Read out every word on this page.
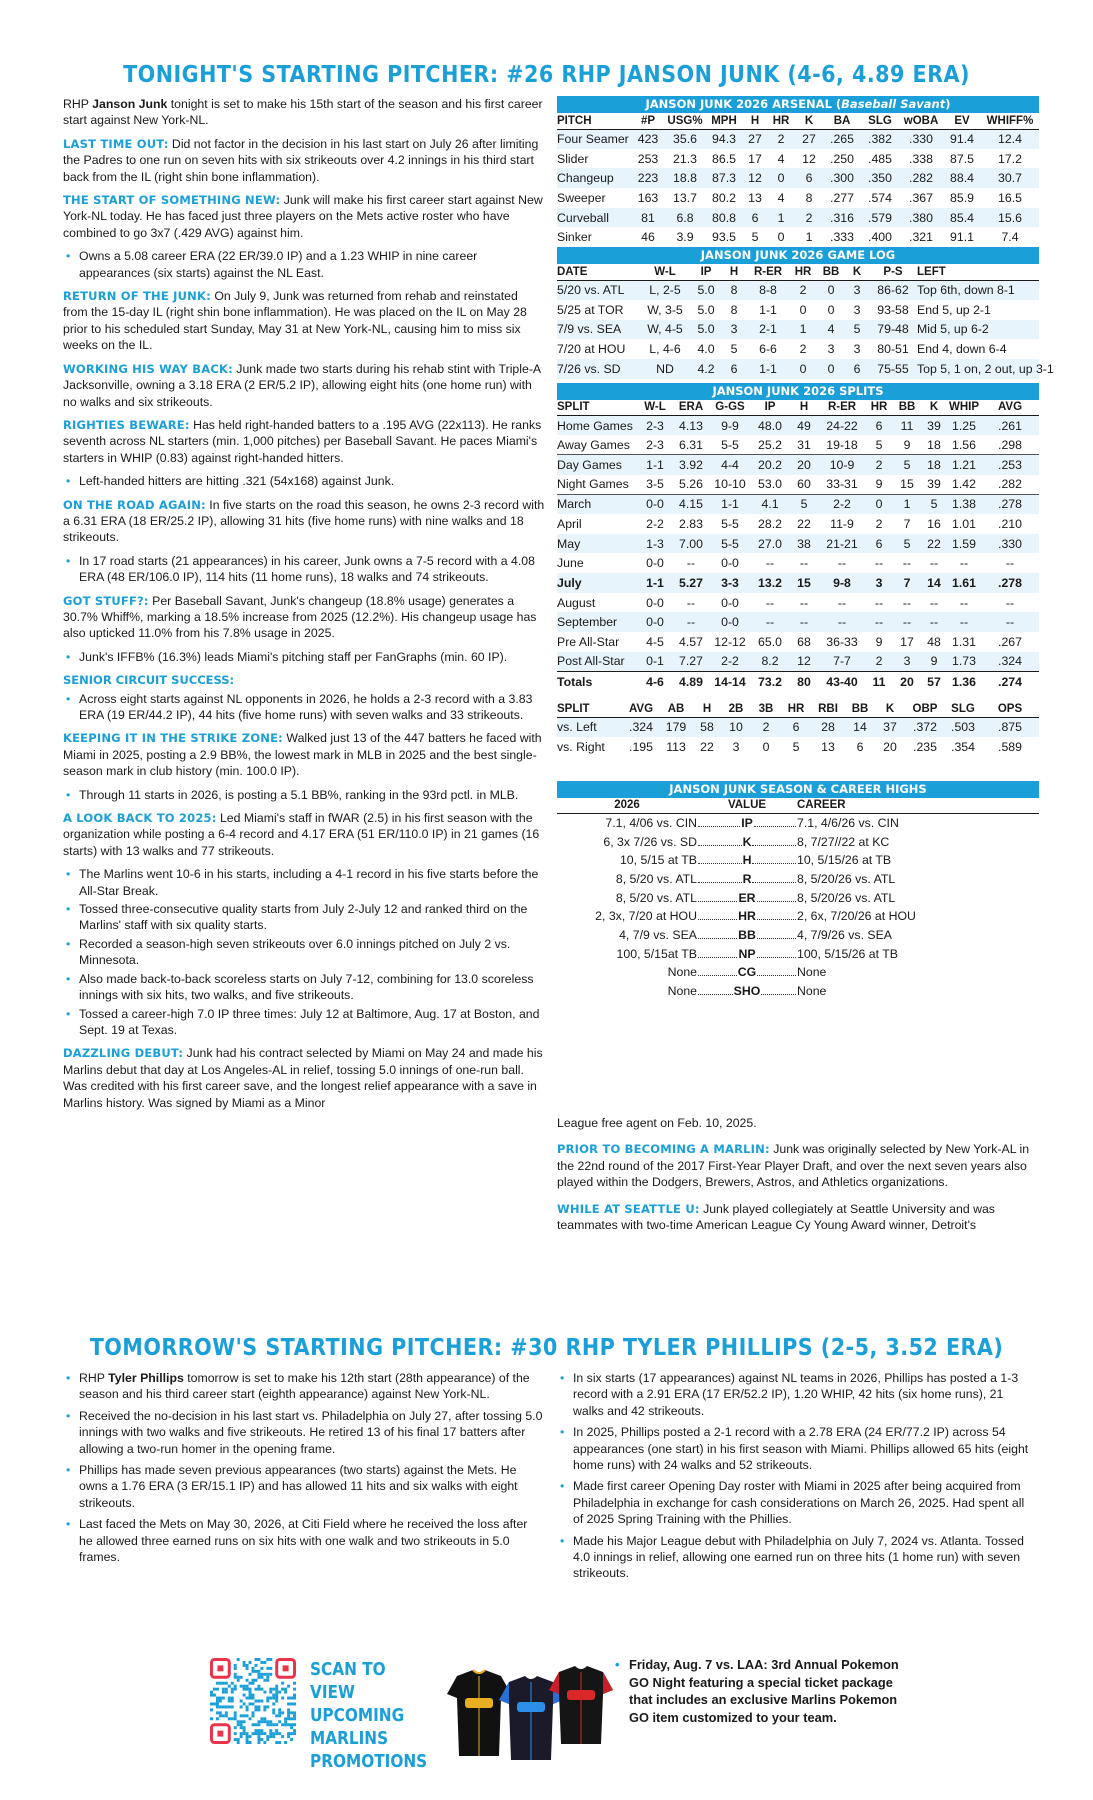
TONIGHT'S STARTING PITCHER: #26 RHP JANSON JUNK (4-6, 4.89 ERA)
RHP Janson Junk tonight is set to make his 15th start of the season and his first career start against New York-NL.
LAST TIME OUT: Did not factor in the decision in his last start on July 26 after limiting the Padres to one run on seven hits with six strikeouts over 4.2 innings in his third start back from the IL (right shin bone inflammation).
THE START OF SOMETHING NEW: Junk will make his first career start against New York-NL today. He has faced just three players on the Mets active roster who have combined to go 3x7 (.429 AVG) against him.
• Owns a 5.08 career ERA (22 ER/39.0 IP) and a 1.23 WHIP in nine career appearances (six starts) against the NL East.
RETURN OF THE JUNK: On July 9, Junk was returned from rehab and reinstated from the 15-day IL (right shin bone inflammation). He was placed on the IL on May 28 prior to his scheduled start Sunday, May 31 at New York-NL, causing him to miss six weeks on the IL.
WORKING HIS WAY BACK: Junk made two starts during his rehab stint with Triple-A Jacksonville, owning a 3.18 ERA (2 ER/5.2 IP), allowing eight hits (one home run) with no walks and six strikeouts.
RIGHTIES BEWARE: Has held right-handed batters to a .195 AVG (22x113). He ranks seventh across NL starters (min. 1,000 pitches) per Baseball Savant. He paces Miami's starters in WHIP (0.83) against right-handed hitters.
• Left-handed hitters are hitting .321 (54x168) against Junk.
ON THE ROAD AGAIN: In five starts on the road this season, he owns 2-3 record with a 6.31 ERA (18 ER/25.2 IP), allowing 31 hits (five home runs) with nine walks and 18 strikeouts.
• In 17 road starts (21 appearances) in his career, Junk owns a 7-5 record with a 4.08 ERA (48 ER/106.0 IP), 114 hits (11 home runs), 18 walks and 74 strikeouts.
GOT STUFF?: Per Baseball Savant, Junk's changeup (18.8% usage) generates a 30.7% Whiff%, marking a 18.5% increase from 2025 (12.2%). His changeup usage has also upticked 11.0% from his 7.8% usage in 2025.
• Junk's IFFB% (16.3%) leads Miami's pitching staff per FanGraphs (min. 60 IP).
SENIOR CIRCUIT SUCCESS:
• Across eight starts against NL opponents in 2026, he holds a 2-3 record with a 3.83 ERA (19 ER/44.2 IP), 44 hits (five home runs) with seven walks and 33 strikeouts.
KEEPING IT IN THE STRIKE ZONE: Walked just 13 of the 447 batters he faced with Miami in 2025, posting a 2.9 BB%, the lowest mark in MLB in 2025 and the best single-season mark in club history (min. 100.0 IP).
• Through 11 starts in 2026, is posting a 5.1 BB%, ranking in the 93rd pctl. in MLB.
A LOOK BACK TO 2025: Led Miami's staff in fWAR (2.5) in his first season with the organization while posting a 6-4 record and 4.17 ERA (51 ER/110.0 IP) in 21 games (16 starts) with 13 walks and 77 strikeouts.
• The Marlins went 10-6 in his starts, including a 4-1 record in his five starts before the All-Star Break.
• Tossed three-consecutive quality starts from July 2-July 12 and ranked third on the Marlins' staff with six quality starts.
• Recorded a season-high seven strikeouts over 6.0 innings pitched on July 2 vs. Minnesota.
• Also made back-to-back scoreless starts on July 7-12, combining for 13.0 scoreless innings with six hits, two walks, and five strikeouts.
• Tossed a career-high 7.0 IP three times: July 12 at Baltimore, Aug. 17 at Boston, and Sept. 19 at Texas.
DAZZLING DEBUT: Junk had his contract selected by Miami on May 24 and made his Marlins debut that day at Los Angeles-AL in relief, tossing 5.0 innings of one-run ball. Was credited with his first career save, and the longest relief appearance with a save in Marlins history. Was signed by Miami as a Minor
JANSON JUNK 2026 ARSENAL (Baseball Savant)
PITCH	#P	USG%	MPH	H	HR	K	BA	SLG	wOBA	EV	WHIFF%
Four Seamer	423	35.6	94.3	27	2	27	.265	.382	.330	91.4	12.4
Slider	253	21.3	86.5	17	4	12	.250	.485	.338	87.5	17.2
Changeup	223	18.8	87.3	12	0	6	.300	.350	.282	88.4	30.7
Sweeper	163	13.7	80.2	13	4	8	.277	.574	.367	85.9	16.5
Curveball	81	6.8	80.8	6	1	2	.316	.579	.380	85.4	15.6
Sinker	46	3.9	93.5	5	0	1	.333	.400	.321	91.1	7.4
JANSON JUNK 2026 GAME LOG
DATE	W-L	IP	H	R-ER	HR	BB	K	P-S	LEFT
5/20 vs. ATL	L, 2-5	5.0	8	8-8	2	0	3	86-62	Top 6th, down 8-1
5/25 at TOR	W, 3-5	5.0	8	1-1	0	0	3	93-58	End 5, up 2-1
7/9 vs. SEA	W, 4-5	5.0	3	2-1	1	4	5	79-48	Mid 5, up 6-2
7/20 at HOU	L, 4-6	4.0	5	6-6	2	3	3	80-51	End 4, down 6-4
7/26 vs. SD	ND	4.2	6	1-1	0	0	6	75-55	Top 5, 1 on, 2 out, up 3-1
JANSON JUNK 2026 SPLITS
SPLIT	W-L	ERA	G-GS	IP	H	R-ER	HR	BB	K	WHIP	AVG
Home Games	2-3	4.13	9-9	48.0	49	24-22	6	11	39	1.25	.261
Away Games	2-3	6.31	5-5	25.2	31	19-18	5	9	18	1.56	.298
Day Games	1-1	3.92	4-4	20.2	20	10-9	2	5	18	1.21	.253
Night Games	3-5	5.26	10-10	53.0	60	33-31	9	15	39	1.42	.282
March	0-0	4.15	1-1	4.1	5	2-2	0	1	5	1.38	.278
April	2-2	2.83	5-5	28.2	22	11-9	2	7	16	1.01	.210
May	1-3	7.00	5-5	27.0	38	21-21	6	5	22	1.59	.330
June	0-0	--	0-0	--	--	--	--	--	--	--	--
July	1-1	5.27	3-3	13.2	15	9-8	3	7	14	1.61	.278
August	0-0	--	0-0	--	--	--	--	--	--	--	--
September	0-0	--	0-0	--	--	--	--	--	--	--	--
Pre All-Star	4-5	4.57	12-12	65.0	68	36-33	9	17	48	1.31	.267
Post All-Star	0-1	7.27	2-2	8.2	12	7-7	2	3	9	1.73	.324
Totals	4-6	4.89	14-14	73.2	80	43-40	11	20	57	1.36	.274
SPLIT	AVG	AB	H	2B	3B	HR	RBI	BB	K	OBP	SLG	OPS
vs. Left	.324	179	58	10	2	6	28	14	37	.372	.503	.875
vs. Right	.195	113	22	3	0	5	13	6	20	.235	.354	.589
JANSON JUNK SEASON & CAREER HIGHS
2026	VALUE	CAREER
7.1, 4/06 vs. CIN	IP	7.1, 4/6/26 vs. CIN
6, 3x 7/26 vs. SD	K	8, 7/27//22 at KC
10, 5/15 at TB	H	10, 5/15/26 at TB
8, 5/20 vs. ATL	R	8, 5/20/26 vs. ATL
8, 5/20 vs. ATL	ER	8, 5/20/26 vs. ATL
2, 3x, 7/20 at HOU	HR	2, 6x, 7/20/26 at HOU
4, 7/9 vs. SEA	BB	4, 7/9/26 vs. SEA
100, 5/15at TB	NP	100, 5/15/26 at TB
None	CG	None
None	SHO	None
League free agent on Feb. 10, 2025.
PRIOR TO BECOMING A MARLIN: Junk was originally selected by New York-AL in the 22nd round of the 2017 First-Year Player Draft, and over the next seven years also played within the Dodgers, Brewers, Astros, and Athletics organizations.
WHILE AT SEATTLE U: Junk played collegiately at Seattle University and was teammates with two-time American League Cy Young Award winner, Detroit's
TOMORROW'S STARTING PITCHER: #30 RHP TYLER PHILLIPS (2-5, 3.52 ERA)
• RHP Tyler Phillips tomorrow is set to make his 12th start (28th appearance) of the season and his third career start (eighth appearance) against New York-NL.
• Received the no-decision in his last start vs. Philadelphia on July 27, after tossing 5.0 innings with two walks and five strikeouts. He retired 13 of his final 17 batters after allowing a two-run homer in the opening frame.
• Phillips has made seven previous appearances (two starts) against the Mets. He owns a 1.76 ERA (3 ER/15.1 IP) and has allowed 11 hits and six walks with eight strikeouts.
• Last faced the Mets on May 30, 2026, at Citi Field where he received the loss after he allowed three earned runs on six hits with one walk and two strikeouts in 5.0 frames.
• In six starts (17 appearances) against NL teams in 2026, Phillips has posted a 1-3 record with a 2.91 ERA (17 ER/52.2 IP), 1.20 WHIP, 42 hits (six home runs), 21 walks and 42 strikeouts.
• In 2025, Phillips posted a 2-1 record with a 2.78 ERA (24 ER/77.2 IP) across 54 appearances (one start) in his first season with Miami. Phillips allowed 65 hits (eight home runs) with 24 walks and 52 strikeouts.
• Made first career Opening Day roster with Miami in 2025 after being acquired from Philadelphia in exchange for cash considerations on March 26, 2025. Had spent all of 2025 Spring Training with the Phillies.
• Made his Major League debut with Philadelphia on July 7, 2024 vs. Atlanta. Tossed 4.0 innings in relief, allowing one earned run on three hits (1 home run) with seven strikeouts.
SCAN TO VIEW
UPCOMING
MARLINS
PROMOTIONS
• Friday, Aug. 7 vs. LAA: 3rd Annual Pokemon GO Night featuring a special ticket package that includes an exclusive Marlins Pokemon GO item customized to your team.
